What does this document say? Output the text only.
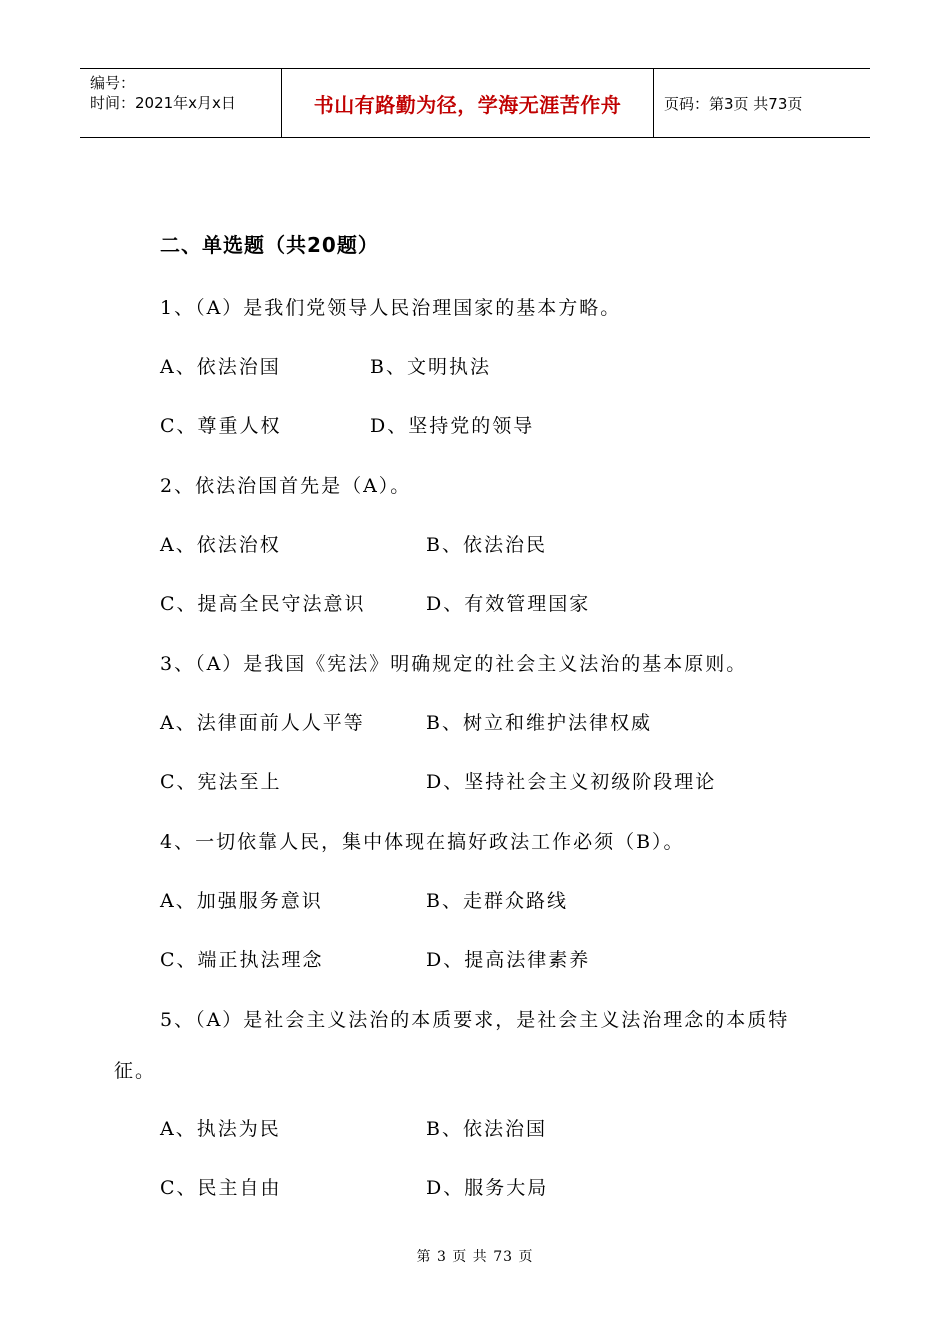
编号：
时间：2021年x月x日	书山有路勤为径，学海无涯苦作舟	页码：第3页 共73页
二、单选题（共20题）
1、（A）是我们党领导人民治理国家的基本方略。
A、依法治国	B、文明执法
C、尊重人权	D、坚持党的领导
2、依法治国首先是（A）。
A、依法治权	B、依法治民
C、提高全民守法意识	D、有效管理国家
3、（A）是我国《宪法》明确规定的社会主义法治的基本原则。
A、法律面前人人平等	B、树立和维护法律权威
C、宪法至上	D、坚持社会主义初级阶段理论
4、一切依靠人民，集中体现在搞好政法工作必须（B）。
A、加强服务意识	B、走群众路线
C、端正执法理念	D、提高法律素养
5、（A）是社会主义法治的本质要求，是社会主义法治理念的本质特
征。
A、执法为民	B、依法治国
C、民主自由	D、服务大局
第 3 页 共 73 页
